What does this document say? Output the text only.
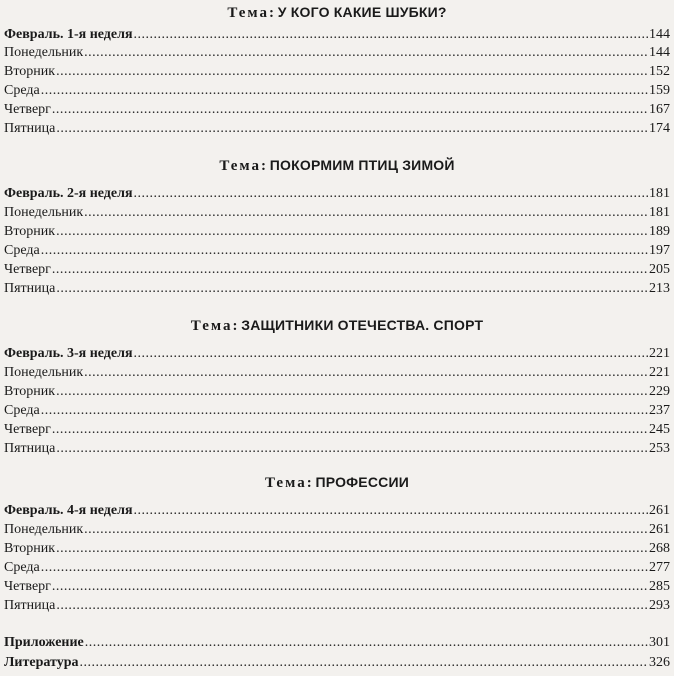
Тема: У КОГО КАКИЕ ШУБКИ?
Февраль. 1-я неделя .....	144
Понедельник .....	144
Вторник .....	152
Среда .....	159
Четверг .....	167
Пятница .....	174
Тема: ПОКОРМИМ ПТИЦ ЗИМОЙ
Февраль. 2-я неделя .....	181
Понедельник .....	181
Вторник .....	189
Среда .....	197
Четверг .....	205
Пятница .....	213
Тема: ЗАЩИТНИКИ ОТЕЧЕСТВА. СПОРТ
Февраль. 3-я неделя .....	221
Понедельник .....	221
Вторник .....	229
Среда .....	237
Четверг .....	245
Пятница .....	253
Тема: ПРОФЕССИИ
Февраль. 4-я неделя .....	261
Понедельник .....	261
Вторник .....	268
Среда .....	277
Четверг .....	285
Пятница .....	293
Приложение .....	301
Литература .....	326
